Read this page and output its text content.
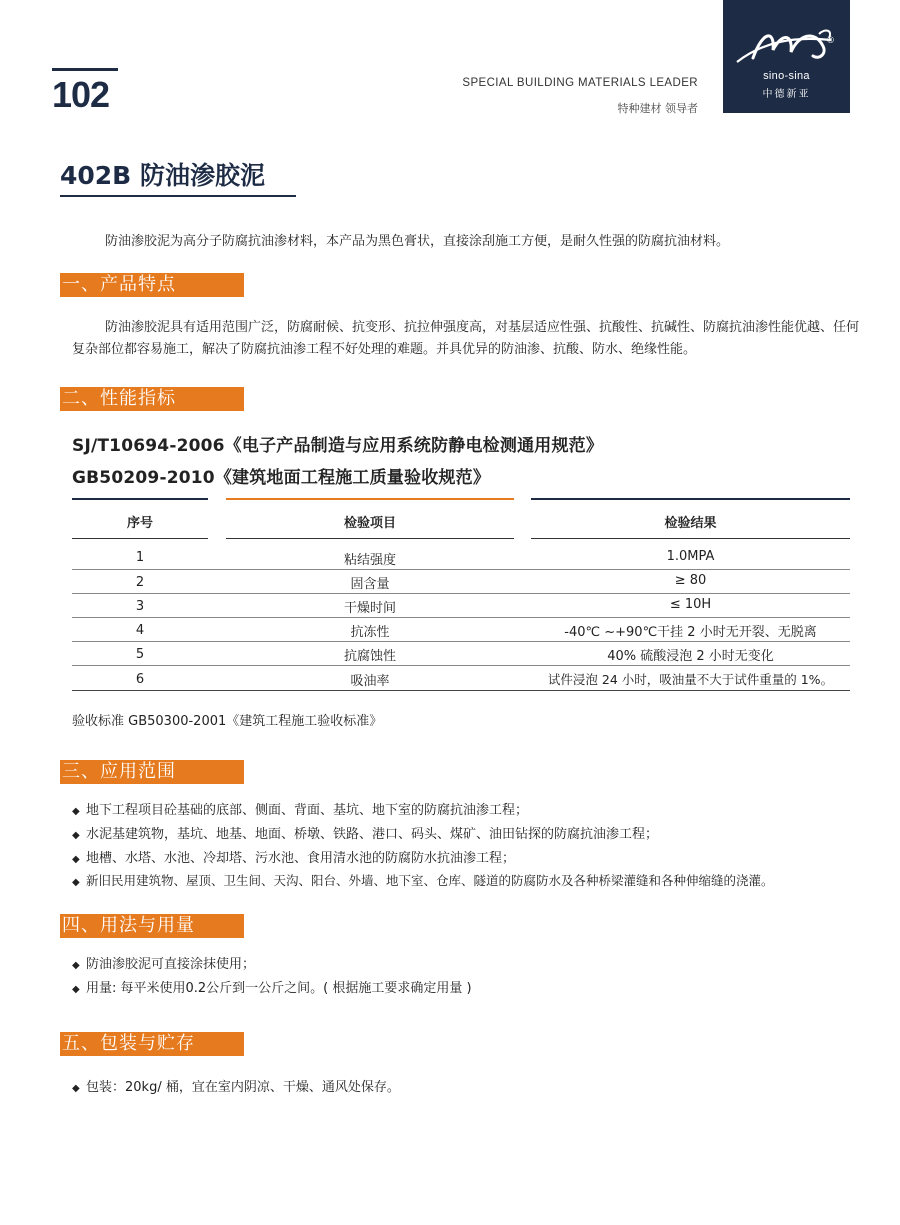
102	SPECIAL BUILDING MATERIALS LEADER
特种建材 领导者
®
sino-sina
中德新亚
402B 防油渗胶泥
防油渗胶泥为高分子防腐抗油渗材料，本产品为黑色膏状，直接涂刮施工方便，是耐久性强的防腐抗油材料。
一、产品特点
防油渗胶泥具有适用范围广泛，防腐耐候、抗变形、抗拉伸强度高，对基层适应性强、抗酸性、抗碱性、防腐抗油渗性能优越、任何复杂部位都容易施工，解决了防腐抗油渗工程不好处理的难题。并具优异的防油渗、抗酸、防水、绝缘性能。
二、性能指标
SJ/T10694-2006《电子产品制造与应用系统防静电检测通用规范》
GB50209-2010《建筑地面工程施工质量验收规范》
序号	检验项目	检验结果
1	粘结强度	1.0MPA
2	固含量	≥ 80
3	干燥时间	≤ 10H
4	抗冻性	-40℃ ~+90℃干挂 2 小时无开裂、无脱离
5	抗腐蚀性	40% 硫酸浸泡 2 小时无变化
6	吸油率	试件浸泡 24 小时，吸油量不大于试件重量的 1%。
验收标准 GB50300-2001《建筑工程施工验收标准》
三、应用范围
◆ 地下工程项目砼基础的底部、侧面、背面、基坑、地下室的防腐抗油渗工程；
◆ 水泥基建筑物，基坑、地基、地面、桥墩、铁路、港口、码头、煤矿、油田钻探的防腐抗油渗工程；
◆ 地槽、水塔、水池、冷却塔、污水池、食用清水池的防腐防水抗油渗工程；
◆ 新旧民用建筑物、屋顶、卫生间、天沟、阳台、外墙、地下室、仓库、隧道的防腐防水及各种桥梁灌缝和各种伸缩缝的浇灌。
四、用法与用量
◆ 防油渗胶泥可直接涂抹使用；
◆ 用量: 每平米使用0.2公斤到一公斤之间。( 根据施工要求确定用量 )
五、包装与贮存
◆ 包装：20kg/ 桶，宜在室内阴凉、干燥、通风处保存。
